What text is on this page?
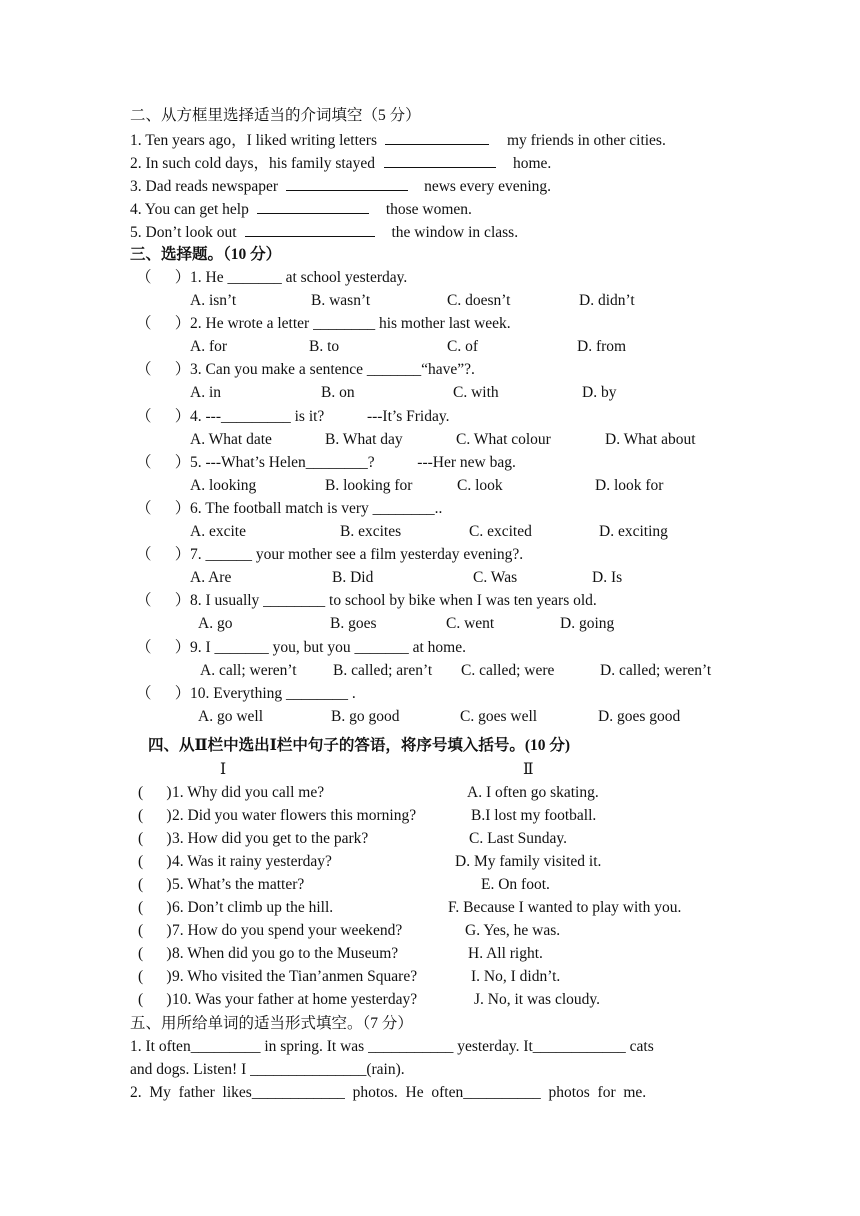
二、从方框里选择适当的介词填空（5 分）
1. Ten years ago，I liked writing letters	my friends in other cities.
2. In such cold days，his family stayed	home.
3. Dad reads newspaper	news every evening.
4. You can get help	those women.
5. Don’t look out	the window in class.
三、选择题。（10 分）
（      ） 1. He _______ at school yesterday.
A. isn’t	B. wasn’t	C. doesn’t	D. didn’t
（      ） 2. He wrote a letter ________ his mother last week.
A. for	B. to	C. of	D. from
（      ） 3. Can you make a sentence _______“have”?.
A. in	B. on	C. with	D. by
（      ） 4. ---_________ is it?           ---It’s Friday.
A. What date	B. What day	C. What colour	D. What about
（      ） 5. ---What’s Helen________?           ---Her new bag.
A. looking	B. looking for	C. look	D. look for
（      ） 6. The football match is very ________..
A. excite	B. excites	C. excited	D. exciting
（      ） 7. ______ your mother see a film yesterday evening?.
A. Are	B. Did	C. Was	D. Is
（      ） 8. I usually ________ to school by bike when I was ten years old.
A. go	B. goes	C. went	D. going
（      ） 9. I _______ you, but you _______ at home.
A. call; weren’t B. called; aren’t C. called; were	D. called; weren’t
（      ） 10. Everything ________ .
A. go well	B. go good	C. goes well	D. goes good
四、从Ⅱ栏中选出Ⅰ栏中句子的答语，将序号填入括号。(10 分)
Ⅰ	Ⅱ
(      ) 1. Why did you call me?	A. I often go skating.
(      ) 2. Did you water flowers this morning?	B.I lost my football.
(      ) 3. How did you get to the park?	C. Last Sunday.
(      ) 4. Was it rainy yesterday?	D. My family visited it.
(      ) 5. What’s the matter?	E. On foot.
(      ) 6. Don’t climb up the hill.	F. Because I wanted to play with you.
(      ) 7. How do you spend your weekend?	G. Yes, he was.
(      ) 8. When did you go to the Museum?	H. All right.
(      ) 9. Who visited the Tian’anmen Square?	I. No, I didn’t.
(      ) 10. Was your father at home yesterday?	J. No, it was cloudy.
五、用所给单词的适当形式填空。（7 分）
1. It often_________ in spring. It was ___________ yesterday. It____________ cats
and dogs. Listen! I _______________(rain).
2.  My  father  likes____________  photos.  He  often__________  photos  for  me.
